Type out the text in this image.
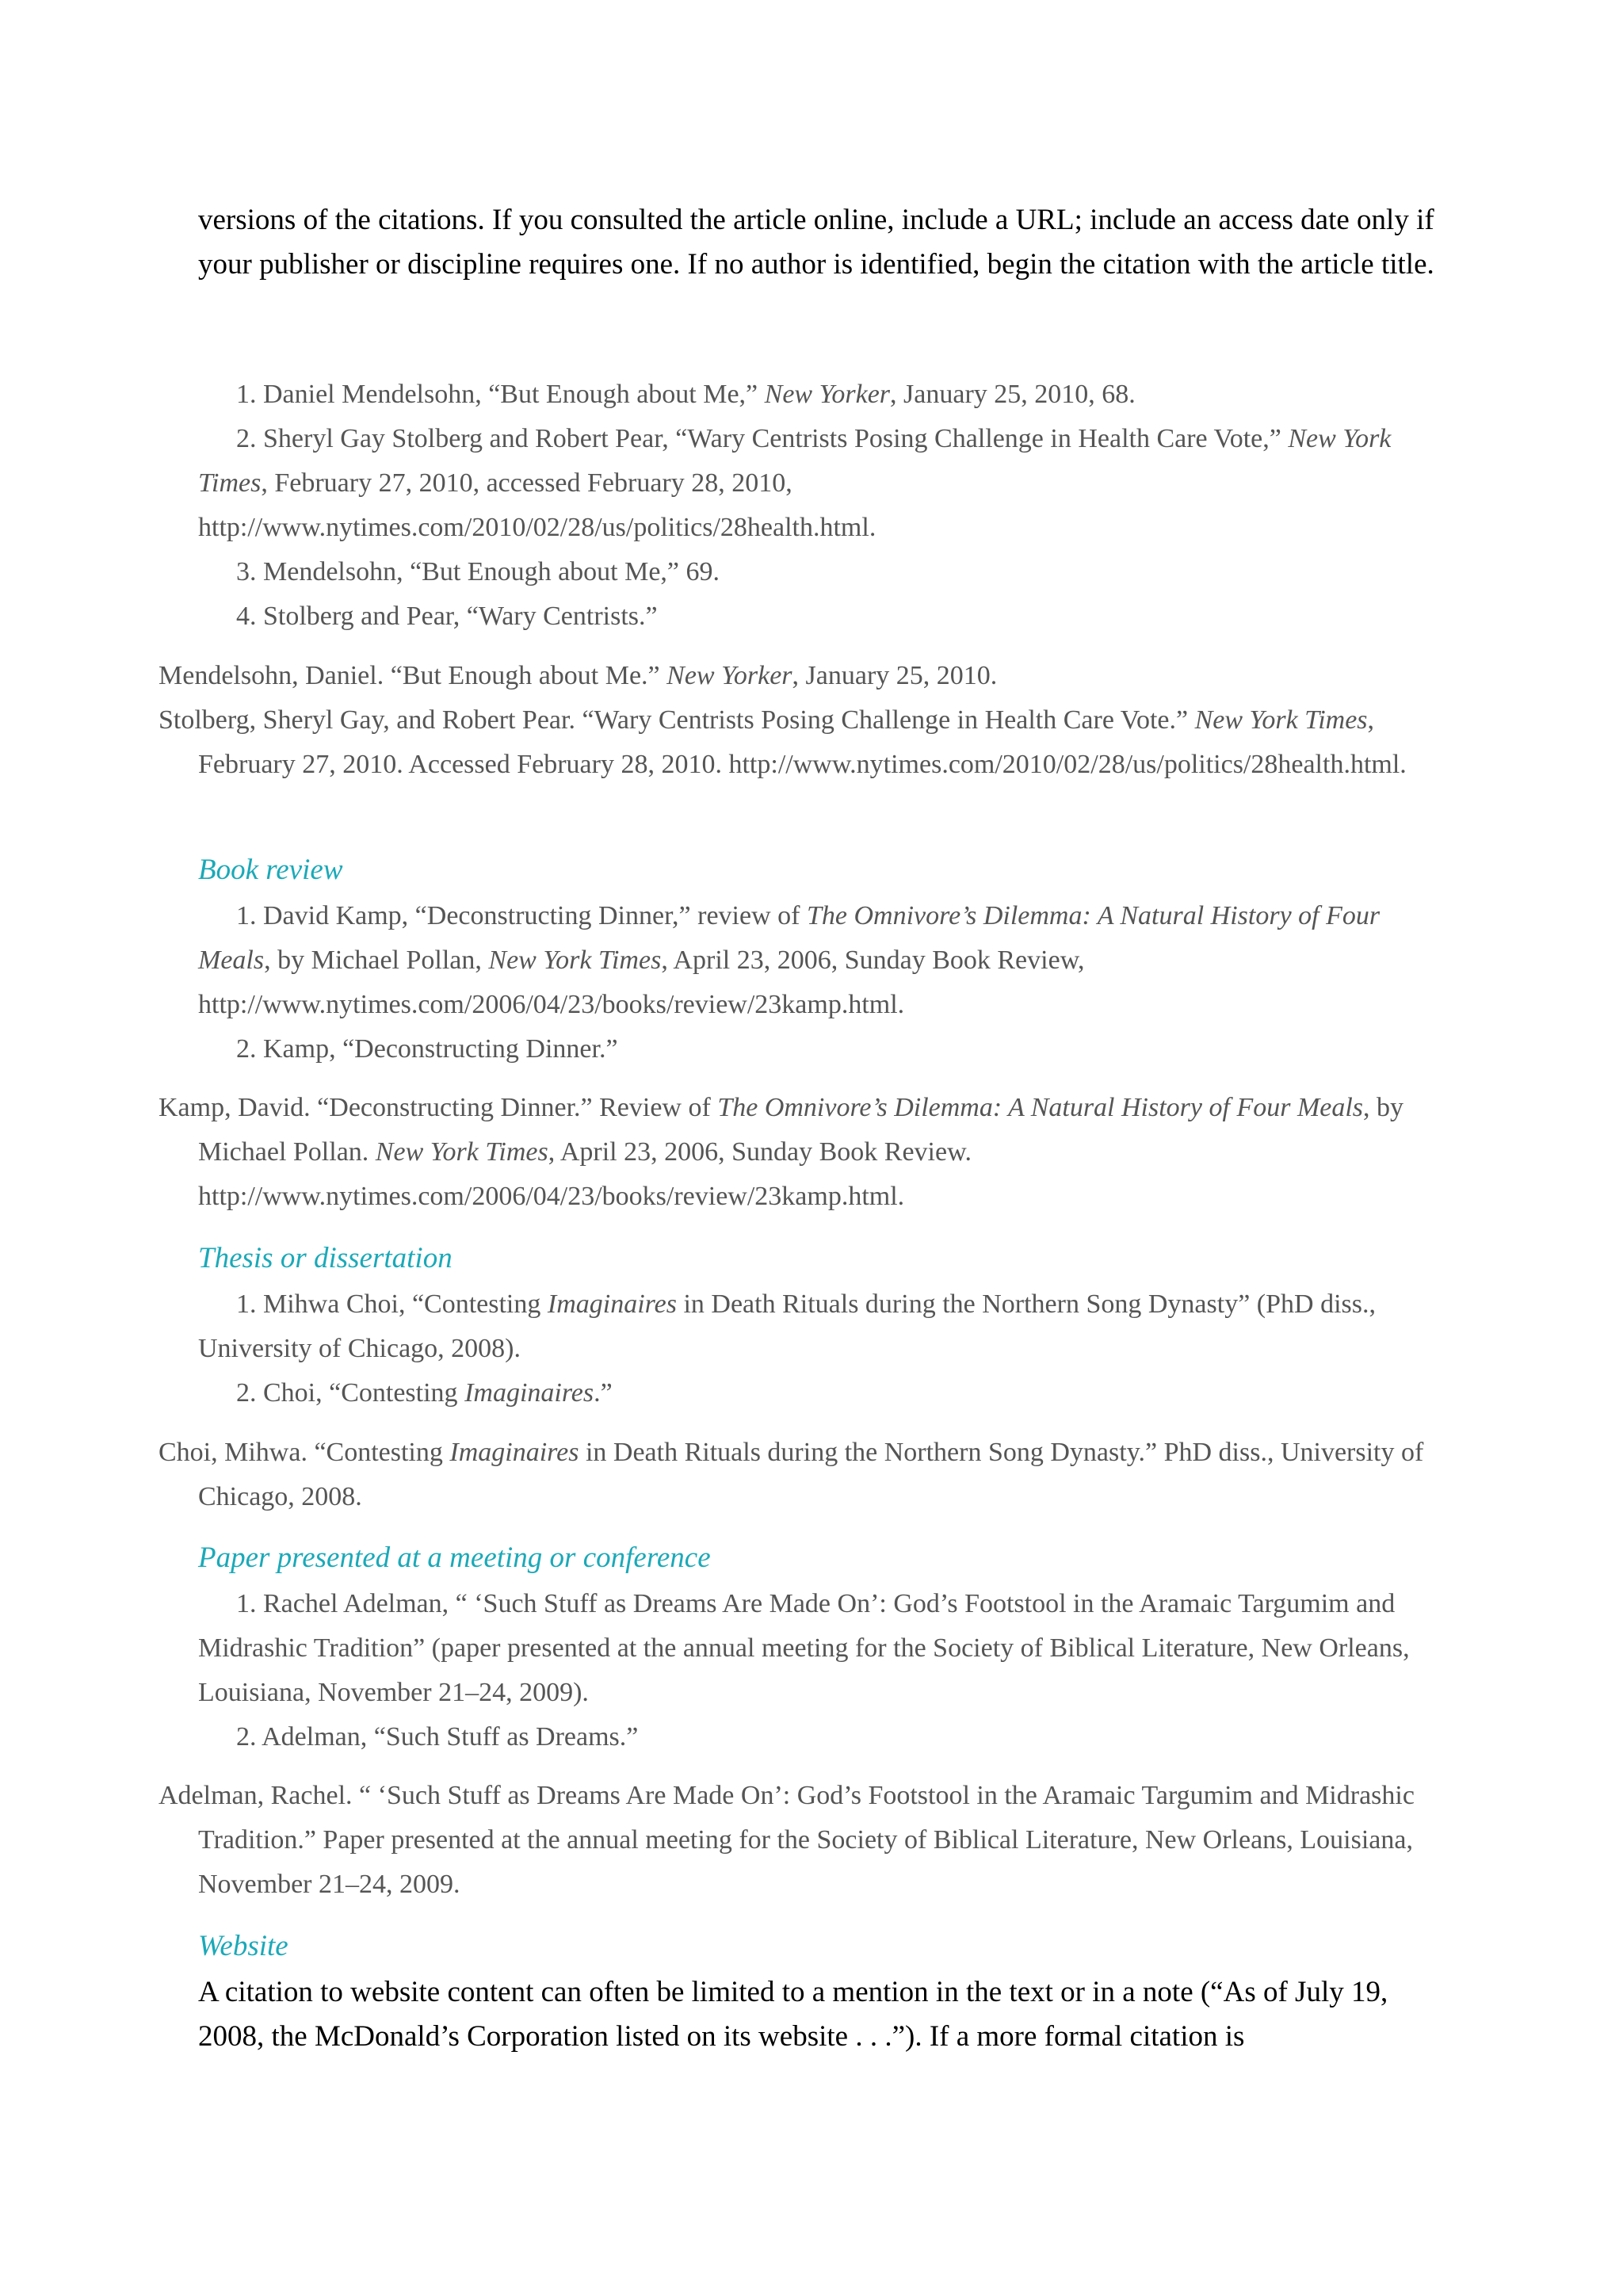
versions of the citations. If you consulted the article online, include a URL; include an access date only if your publisher or discipline requires one. If no author is identified, begin the citation with the article title.

1. Daniel Mendelsohn, “But Enough about Me,” New Yorker, January 25, 2010, 68.

2. Sheryl Gay Stolberg and Robert Pear, “Wary Centrists Posing Challenge in Health Care Vote,” New York Times, February 27, 2010, accessed February 28, 2010, http://www.nytimes.com/2010/02/28/us/politics/28health.html.

3. Mendelsohn, “But Enough about Me,” 69.

4. Stolberg and Pear, “Wary Centrists.”

Mendelsohn, Daniel. “But Enough about Me.” New Yorker, January 25, 2010.

Stolberg, Sheryl Gay, and Robert Pear. “Wary Centrists Posing Challenge in Health Care Vote.” New York Times, February 27, 2010. Accessed February 28, 2010. http://www.nytimes.com/2010/02/28/us/politics/28health.html.

Book review

1. David Kamp, “Deconstructing Dinner,” review of The Omnivore’s Dilemma: A Natural History of Four Meals, by Michael Pollan, New York Times, April 23, 2006, Sunday Book Review, http://www.nytimes.com/2006/04/23/books/review/23kamp.html.

2. Kamp, “Deconstructing Dinner.”

Kamp, David. “Deconstructing Dinner.” Review of The Omnivore’s Dilemma: A Natural History of Four Meals, by Michael Pollan. New York Times, April 23, 2006, Sunday Book Review. http://www.nytimes.com/2006/04/23/books/review/23kamp.html.

Thesis or dissertation

1. Mihwa Choi, “Contesting Imaginaires in Death Rituals during the Northern Song Dynasty” (PhD diss., University of Chicago, 2008).

2. Choi, “Contesting Imaginaires.”

Choi, Mihwa. “Contesting Imaginaires in Death Rituals during the Northern Song Dynasty.” PhD diss., University of Chicago, 2008.

Paper presented at a meeting or conference

1. Rachel Adelman, “ ‘Such Stuff as Dreams Are Made On’: God’s Footstool in the Aramaic Targumim and Midrashic Tradition” (paper presented at the annual meeting for the Society of Biblical Literature, New Orleans, Louisiana, November 21–24, 2009).

2. Adelman, “Such Stuff as Dreams.”

Adelman, Rachel. “ ‘Such Stuff as Dreams Are Made On’: God’s Footstool in the Aramaic Targumim and Midrashic Tradition.” Paper presented at the annual meeting for the Society of Biblical Literature, New Orleans, Louisiana, November 21–24, 2009.

Website

A citation to website content can often be limited to a mention in the text or in a note (“As of July 19, 2008, the McDonald’s Corporation listed on its website . . .”). If a more formal citation is
